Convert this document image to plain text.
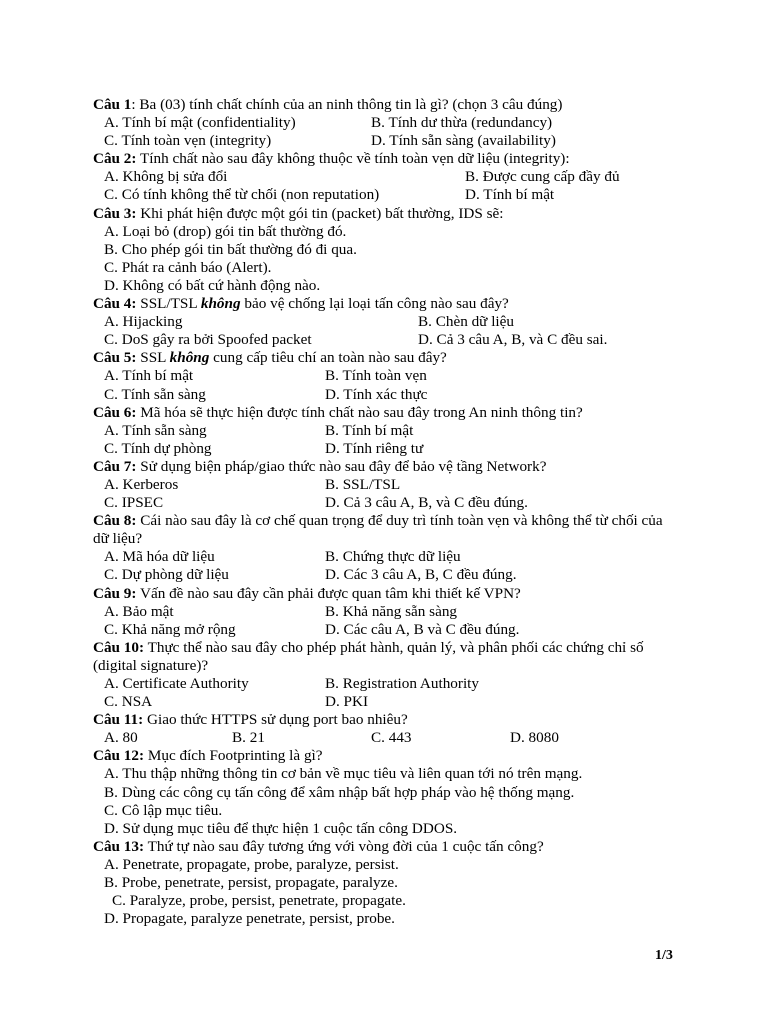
Câu 1: Ba (03) tính chất chính của an ninh thông tin là gì? (chọn 3 câu đúng)
A. Tính bí mật (confidentiality)	B. Tính dư thừa (redundancy)
C. Tính toàn vẹn (integrity)	D. Tính sẵn sàng (availability)
Câu 2: Tính chất nào sau đây không thuộc về tính toàn vẹn dữ liệu (integrity):
A. Không bị sửa đổi	B. Được cung cấp đầy đủ
C. Có tính không thể từ chối (non reputation)	D. Tính bí mật
Câu 3: Khi phát hiện được một gói tin (packet) bất thường, IDS sẽ:
A. Loại bỏ (drop) gói tin bất thường đó.
B. Cho phép gói tin bất thường đó đi qua.
C. Phát ra cảnh báo (Alert).
D. Không có bất cứ hành động nào.
Câu 4: SSL/TSL không bảo vệ chống lại loại tấn công nào sau đây?
A. Hijacking	B. Chèn dữ liệu
C. DoS gây ra bởi Spoofed packet	D. Cả 3 câu A, B, và C đều sai.
Câu 5: SSL không cung cấp tiêu chí an toàn nào sau đây?
A. Tính bí mật	B. Tính toàn vẹn
C. Tính sẵn sàng	D. Tính xác thực
Câu 6: Mã hóa sẽ thực hiện được tính chất nào sau đây trong An ninh thông tin?
A. Tính sẵn sàng	B. Tính bí mật
C. Tính dự phòng	D. Tính riêng tư
Câu 7: Sử dụng biện pháp/giao thức nào sau đây để bảo vệ tầng Network?
A. Kerberos	B. SSL/TSL
C. IPSEC	D. Cả 3 câu A, B, và C đều đúng.
Câu 8: Cái nào sau đây là cơ chế quan trọng để duy trì tính toàn vẹn và không thể từ chối của dữ liệu?
A. Mã hóa dữ liệu	B. Chứng thực dữ liệu
C. Dự phòng dữ liệu	D. Các 3 câu A, B, C đều đúng.
Câu 9: Vấn đề nào sau đây cần phải được quan tâm khi thiết kế VPN?
A. Bảo mật	B. Khả năng sẵn sàng
C. Khả năng mở rộng	D. Các câu A, B và C đều đúng.
Câu 10: Thực thể nào sau đây cho phép phát hành, quản lý, và phân phối các chứng chỉ số (digital signature)?
A. Certificate Authority	B. Registration Authority
C. NSA	D. PKI
Câu 11: Giao thức HTTPS sử dụng port bao nhiêu?
A. 80	B. 21	C. 443	D. 8080
Câu 12: Mục đích Footprinting là gì?
A. Thu thập những thông tin cơ bản về mục tiêu và liên quan tới nó trên mạng.
B. Dùng các công cụ tấn công để xâm nhập bất hợp pháp vào hệ thống mạng.
C. Cô lập mục tiêu.
D. Sử dụng mục tiêu để thực hiện 1 cuộc tấn công DDOS.
Câu 13: Thứ tự nào sau đây tương ứng với vòng đời của 1 cuộc tấn công?
A. Penetrate, propagate, probe, paralyze, persist.
B. Probe, penetrate, persist, propagate, paralyze.
C. Paralyze, probe, persist, penetrate, propagate.
D. Propagate, paralyze penetrate, persist, probe.
1/3
